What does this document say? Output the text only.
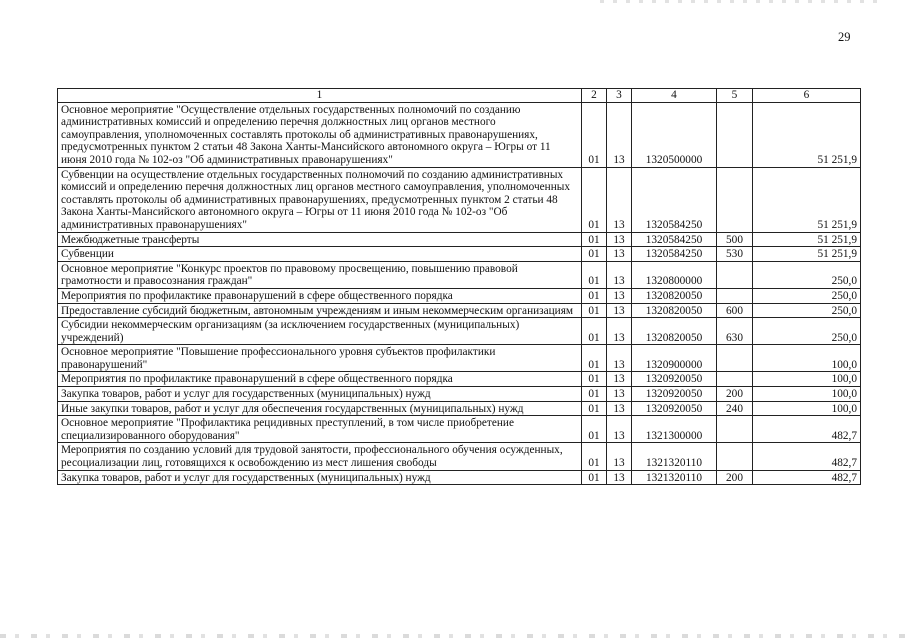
29
1	2	3	4	5	6
Основное мероприятие "Осуществление отдельных государственных полномочий по созданию административных комиссий и определению перечня должностных лиц органов местного самоуправления, уполномоченных составлять протоколы об административных правонарушениях, предусмотренных пунктом 2 статьи 48 Закона Ханты-Мансийского автономного округа – Югры от 11 июня 2010 года № 102-оз "Об административных правонарушениях"	01	13	1320500000		51 251,9
Субвенции на осуществление отдельных государственных полномочий по созданию административных комиссий и определению перечня должностных лиц органов местного самоуправления, уполномоченных составлять протоколы об административных правонарушениях, предусмотренных пунктом 2 статьи 48 Закона Ханты-Мансийского автономного округа – Югры от 11 июня 2010 года № 102-оз "Об административных правонарушениях"	01	13	1320584250		51 251,9
Межбюджетные трансферты	01	13	1320584250	500	51 251,9
Субвенции	01	13	1320584250	530	51 251,9
Основное мероприятие "Конкурс проектов по правовому просвещению, повышению правовой грамотности и правосознания граждан"	01	13	1320800000		250,0
Мероприятия по профилактике правонарушений в сфере общественного порядка	01	13	1320820050		250,0
Предоставление субсидий бюджетным, автономным учреждениям и иным некоммерческим организациям	01	13	1320820050	600	250,0
Субсидии некоммерческим организациям (за исключением государственных (муниципальных) учреждений)	01	13	1320820050	630	250,0
Основное мероприятие "Повышение профессионального уровня субъектов профилактики правонарушений"	01	13	1320900000		100,0
Мероприятия по профилактике правонарушений в сфере общественного порядка	01	13	1320920050		100,0
Закупка товаров, работ и услуг для государственных (муниципальных) нужд	01	13	1320920050	200	100,0
Иные закупки товаров, работ и услуг для обеспечения государственных (муниципальных) нужд	01	13	1320920050	240	100,0
Основное мероприятие "Профилактика рецидивных преступлений, в том числе приобретение специализированного оборудования"	01	13	1321300000		482,7
Мероприятия по созданию условий для трудовой занятости, профессионального обучения осужденных, ресоциализации лиц, готовящихся к освобождению из мест лишения свободы	01	13	1321320110		482,7
Закупка товаров, работ и услуг для государственных (муниципальных) нужд	01	13	1321320110	200	482,7
